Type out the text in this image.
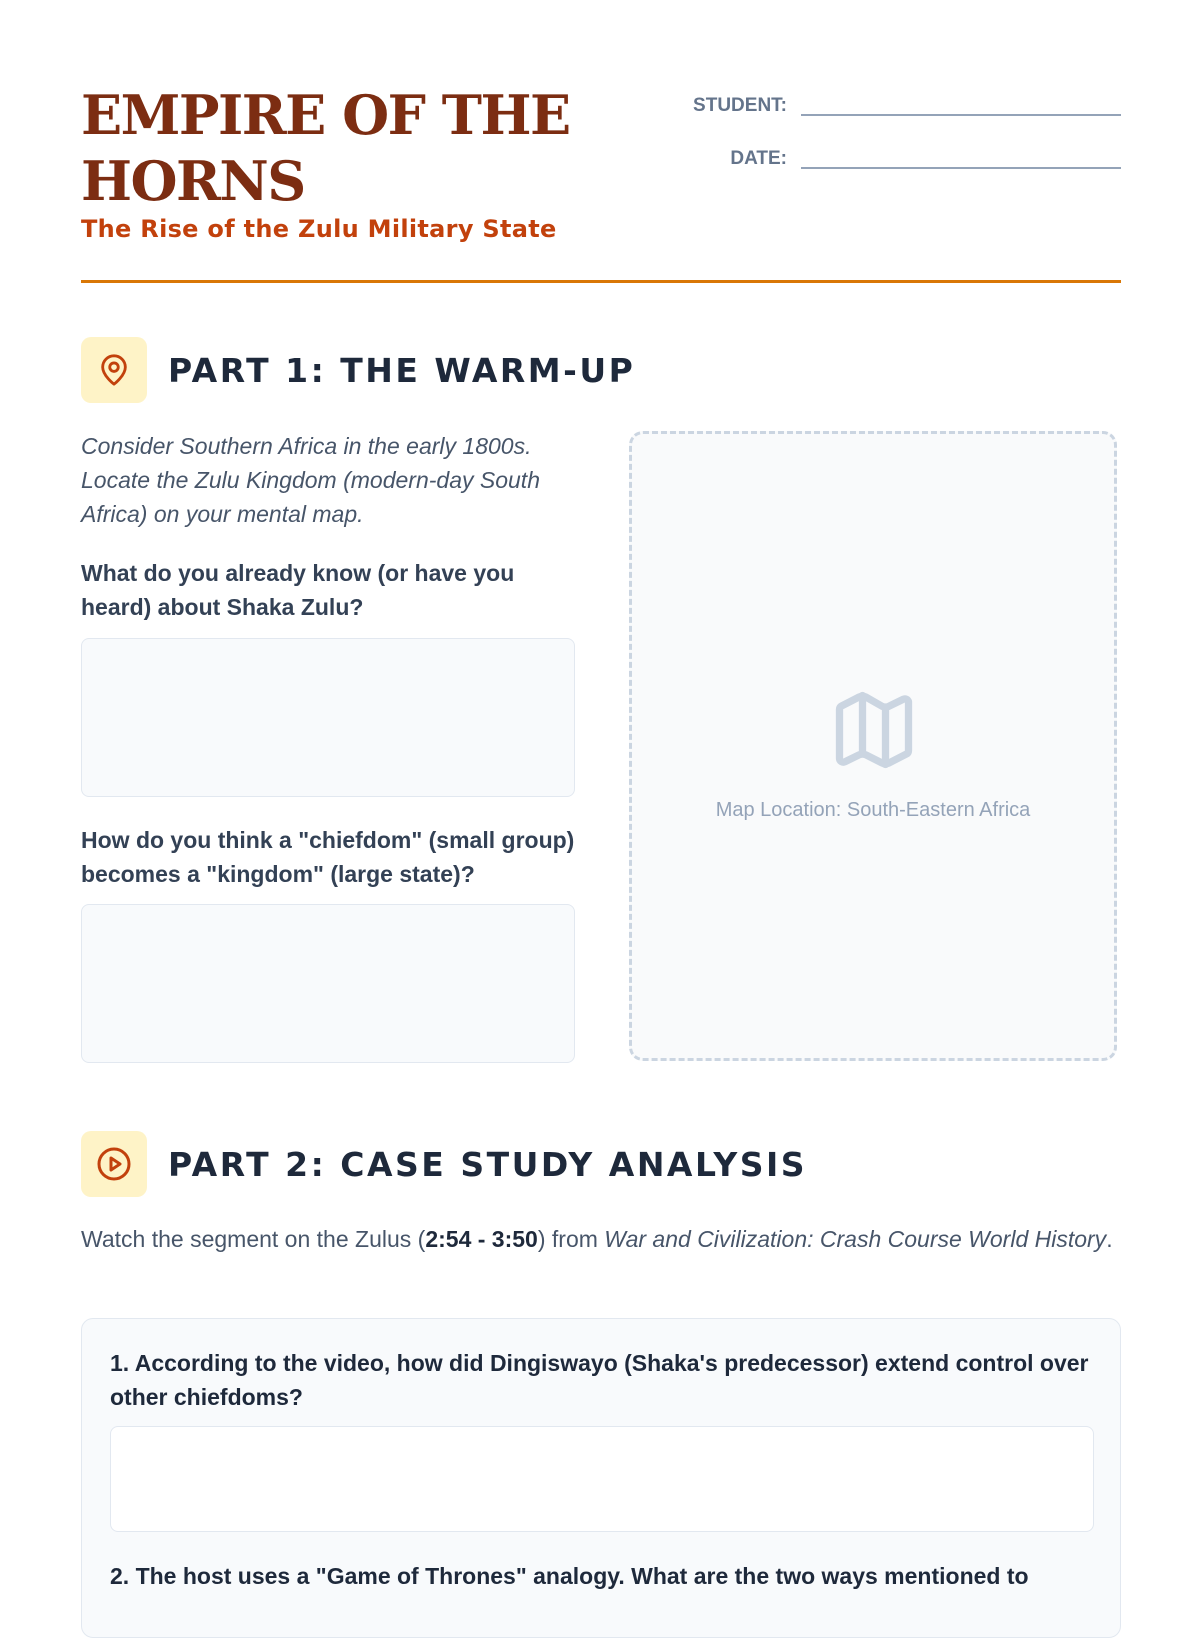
EMPIRE OF THE HORNS
The Rise of the Zulu Military State
STUDENT:
DATE:
PART 1: THE WARM-UP
Consider Southern Africa in the early 1800s. Locate the Zulu Kingdom (modern-day South Africa) on your mental map.
What do you already know (or have you heard) about Shaka Zulu?
How do you think a "chiefdom" (small group) becomes a "kingdom" (large state)?
Map Location: South-Eastern Africa
PART 2: CASE STUDY ANALYSIS
Watch the segment on the Zulus (2:54 - 3:50) from War and Civilization: Crash Course World History.
1. According to the video, how did Dingiswayo (Shaka's predecessor) extend control over other chiefdoms?
2. The host uses a "Game of Thrones" analogy. What are the two ways mentioned to
